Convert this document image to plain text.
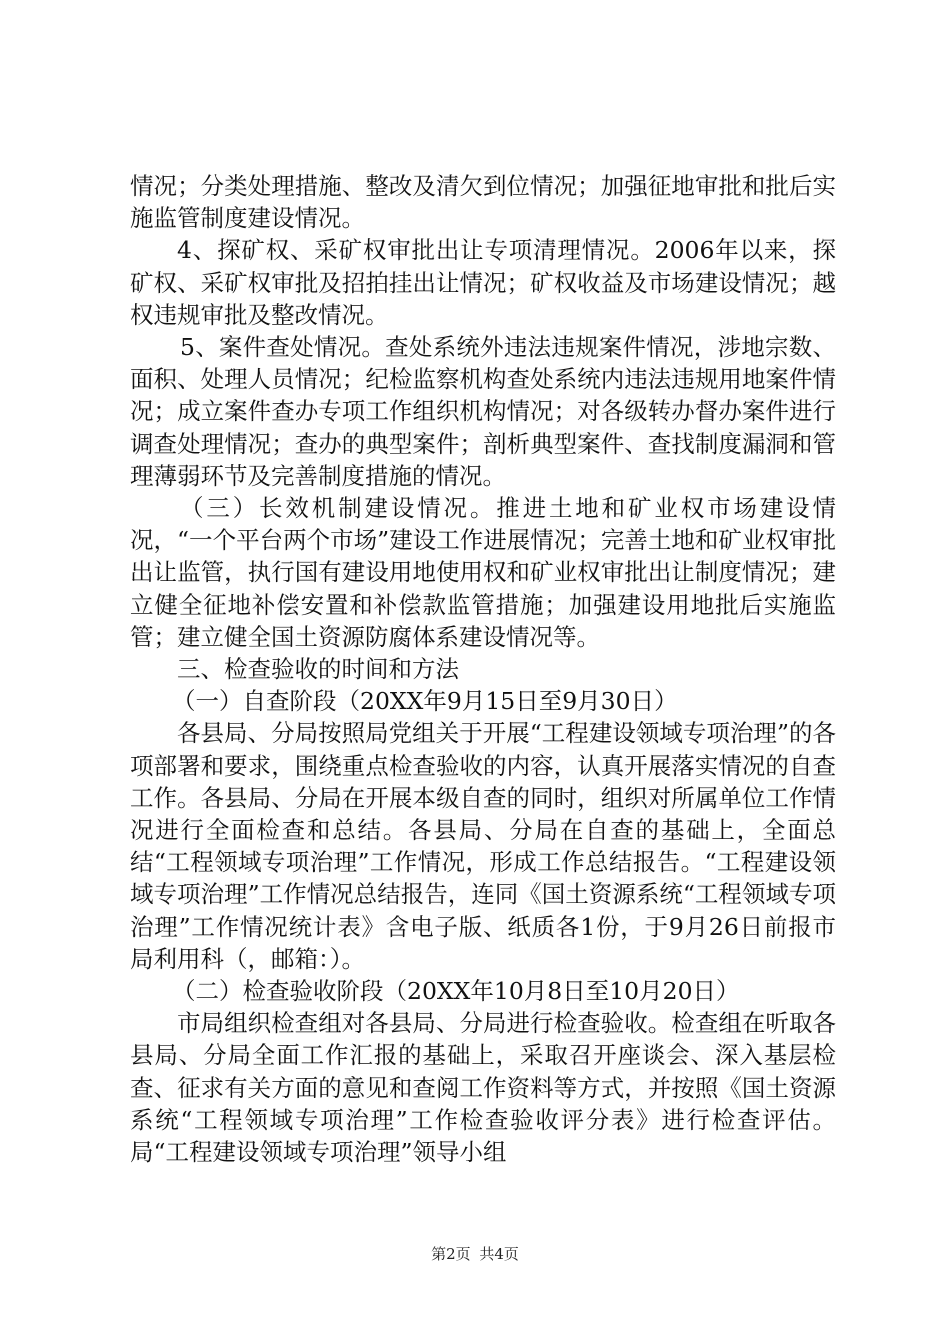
情况；分类处理措施、整改及清欠到位情况；加强征地审批和批后实施监管制度建设情况。

4、探矿权、采矿权审批出让专项清理情况。2006年以来，探矿权、采矿权审批及招拍挂出让情况；矿权收益及市场建设情况；越权违规审批及整改情况。

5、案件查处情况。查处系统外违法违规案件情况，涉地宗数、面积、处理人员情况；纪检监察机构查处系统内违法违规用地案件情况；成立案件查办专项工作组织机构情况；对各级转办督办案件进行调查处理情况；查办的典型案件；剖析典型案件、查找制度漏洞和管理薄弱环节及完善制度措施的情况。

（三）长效机制建设情况。推进土地和矿业权市场建设情况，“一个平台两个市场”建设工作进展情况；完善土地和矿业权审批出让监管，执行国有建设用地使用权和矿业权审批出让制度情况；建立健全征地补偿安置和补偿款监管措施；加强建设用地批后实施监管；建立健全国土资源防腐体系建设情况等。

三、检查验收的时间和方法

（一）自查阶段（20XX年9月15日至9月30日）

各县局、分局按照局党组关于开展“工程建设领域专项治理”的各项部署和要求，围绕重点检查验收的内容，认真开展落实情况的自查工作。各县局、分局在开展本级自查的同时，组织对所属单位工作情况进行全面检查和总结。各县局、分局在自查的基础上，全面总结“工程领域专项治理”工作情况，形成工作总结报告。“工程建设领域专项治理”工作情况总结报告，连同《国土资源系统“工程领域专项治理”工作情况统计表》含电子版、纸质各1份，于9月26日前报市局利用科（，邮箱：）。

（二）检查验收阶段（20XX年10月8日至10月20日）

市局组织检查组对各县局、分局进行检查验收。检查组在听取各县局、分局全面工作汇报的基础上，采取召开座谈会、深入基层检查、征求有关方面的意见和查阅工作资料等方式，并按照《国土资源系统“工程领域专项治理”工作检查验收评分表》进行检查评估。局“工程建设领域专项治理”领导小组

第2页 共4页
